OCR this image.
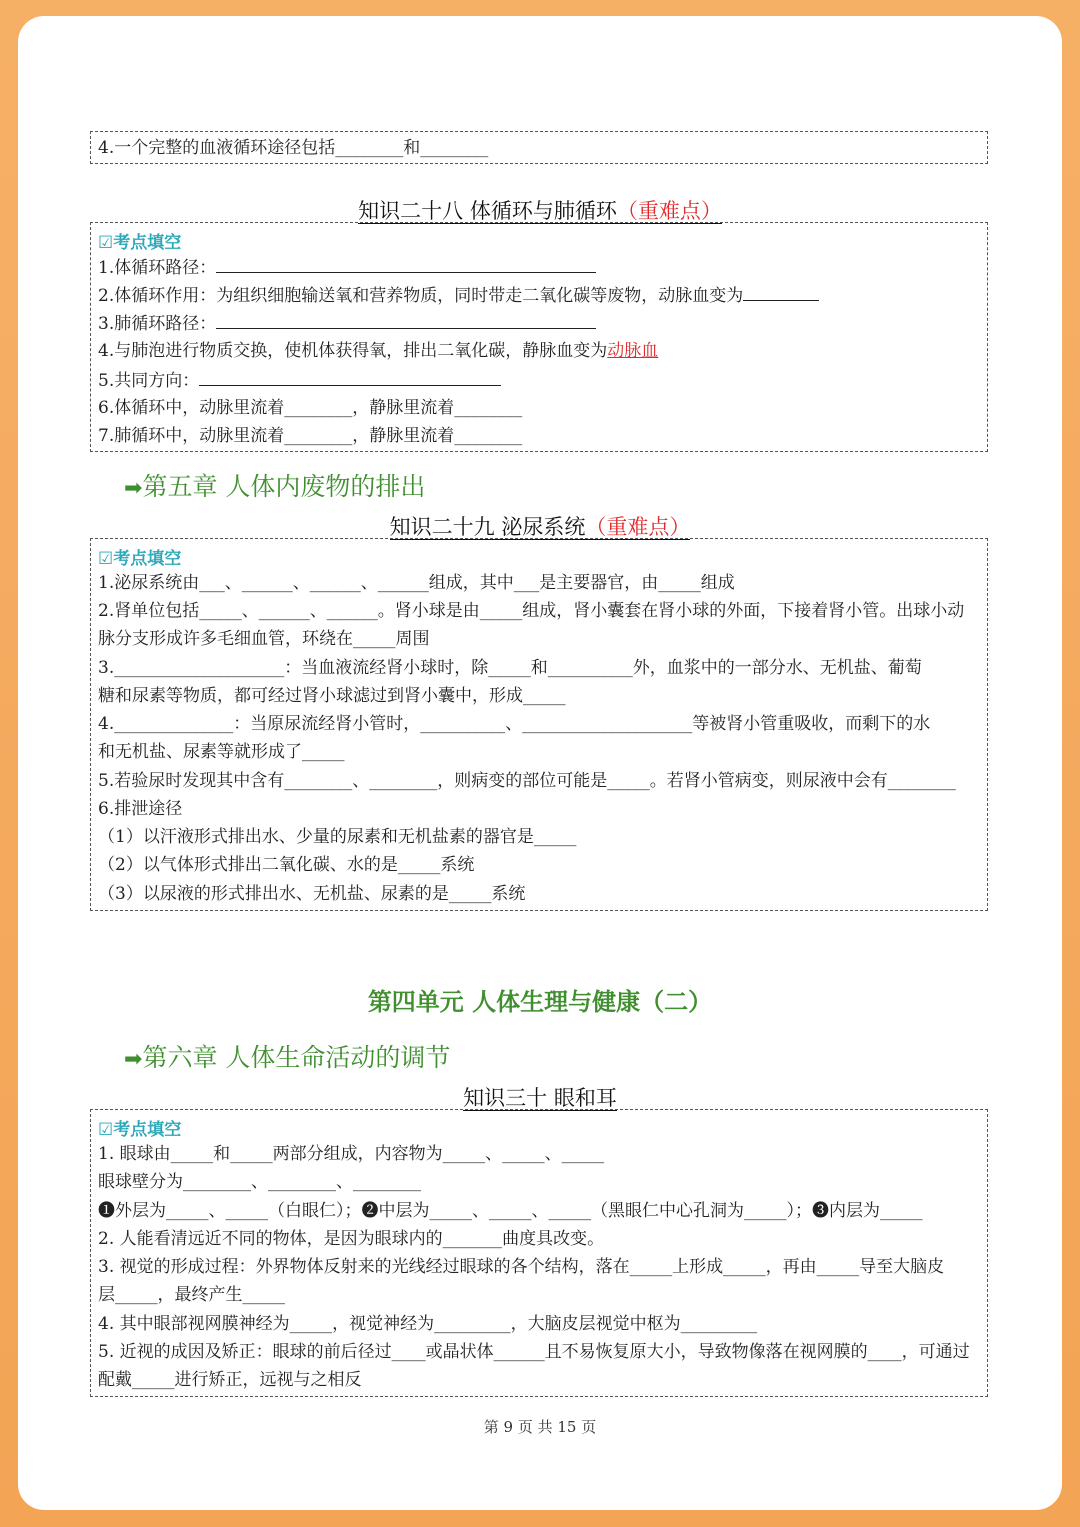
4.一个完整的血液循环途径包括________和________
知识二十八 体循环与肺循环（重难点）
☑考点填空
1.体循环路径：
2.体循环作用：为组织细胞输送氧和营养物质，同时带走二氧化碳等废物，动脉血变为
3.肺循环路径：
4.与肺泡进行物质交换，使机体获得氧，排出二氧化碳，静脉血变为动脉血
5.共同方向：
6.体循环中，动脉里流着________，静脉里流着________
7.肺循环中，动脉里流着________，静脉里流着________
➡第五章 人体内废物的排出
知识二十九 泌尿系统（重难点）
☑考点填空
1.泌尿系统由___、______、______、______组成，其中___是主要器官，由_____组成
2.肾单位包括_____、______、______。肾小球是由_____组成，肾小囊套在肾小球的外面，下接着肾小管。出球小动
脉分支形成许多毛细血管，环绕在_____周围
3.____________________：当血液流经肾小球时，除_____和__________外，血浆中的一部分水、无机盐、葡萄
糖和尿素等物质，都可经过肾小球滤过到肾小囊中，形成_____
4.______________：当原尿流经肾小管时，__________、____________________等被肾小管重吸收，而剩下的水
和无机盐、尿素等就形成了_____
5.若验尿时发现其中含有________、________，则病变的部位可能是_____。若肾小管病变，则尿液中会有________
6.排泄途径
（1）以汗液形式排出水、少量的尿素和无机盐素的器官是_____
（2）以气体形式排出二氧化碳、水的是_____系统
（3）以尿液的形式排出水、无机盐、尿素的是_____系统
第四单元 人体生理与健康（二）
➡第六章 人体生命活动的调节
知识三十 眼和耳
☑考点填空
1. 眼球由_____和_____两部分组成，内容物为_____、_____、_____
眼球壁分为________、________、________
❶外层为_____、_____（白眼仁）；❷中层为_____、_____、_____（黑眼仁中心孔洞为_____）；❸内层为_____
2. 人能看清远近不同的物体，是因为眼球内的_______曲度具改变。
3. 视觉的形成过程：外界物体反射来的光线经过眼球的各个结构，落在_____上形成_____，再由_____导至大脑皮
层_____，最终产生_____
4. 其中眼部视网膜神经为_____，视觉神经为_________，大脑皮层视觉中枢为_________
5. 近视的成因及矫正：眼球的前后径过____或晶状体______且不易恢复原大小，导致物像落在视网膜的____，可通过
配戴_____进行矫正，远视与之相反
第 9 页 共 15 页
